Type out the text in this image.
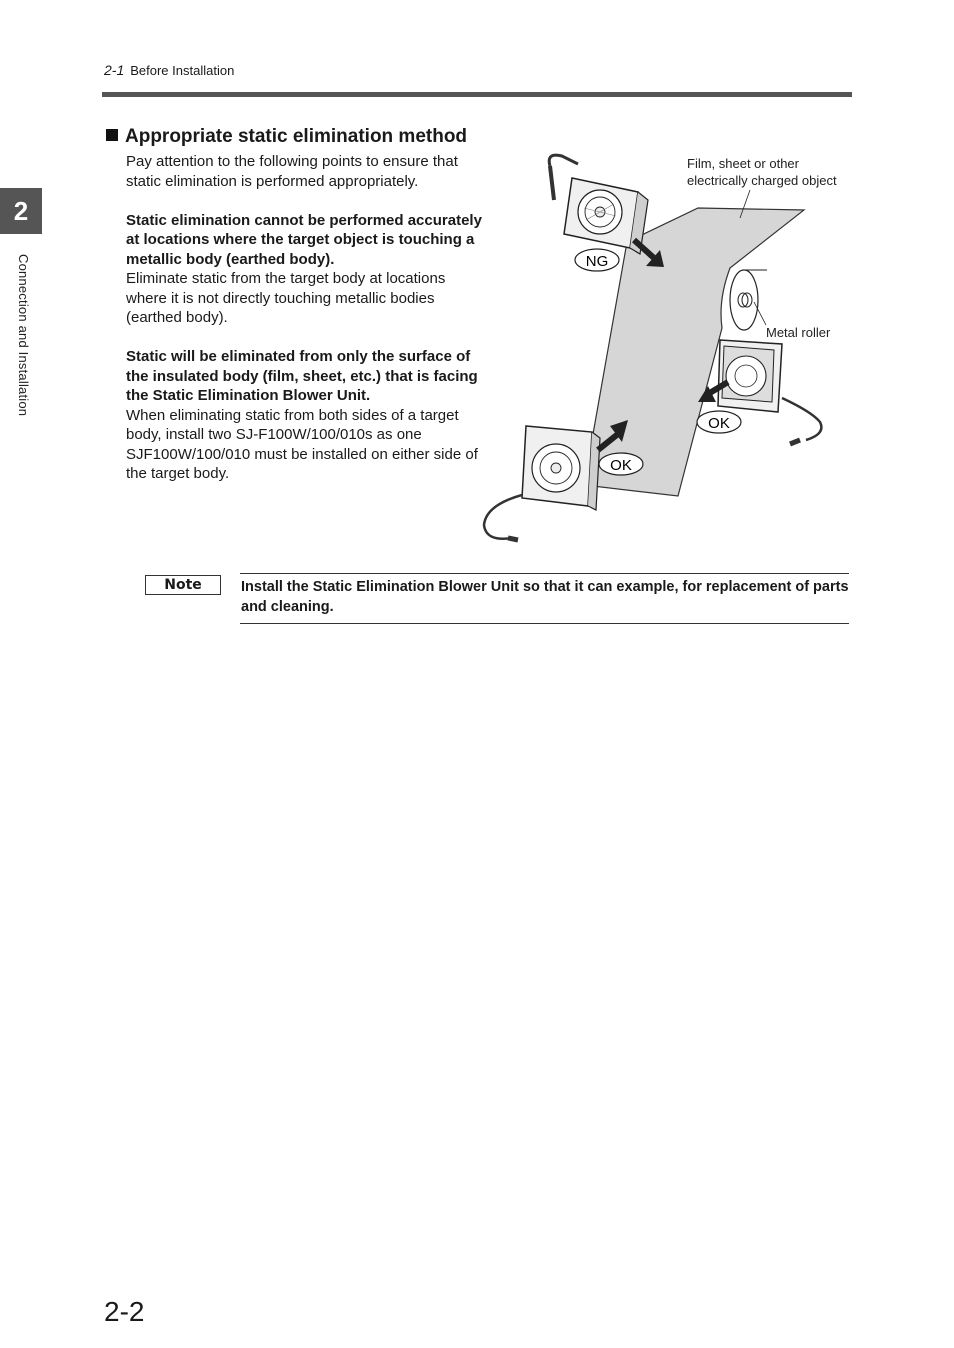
2-1 Before Installation
2
Connection and Installation
Appropriate static elimination method

Pay attention to the following points to ensure that static elimination is performed appropriately.

Static elimination cannot be performed accurately at locations where the target object is touching a metallic body (earthed body).
Eliminate static from the target body at locations where it is not directly touching metallic bodies (earthed body).

Static will be eliminated from only the surface of the insulated body (film, sheet, etc.) that is facing the Static Elimination Blower Unit.
When eliminating static from both sides of a target body, install two SJ-F100W/100/010s as one SJF100W/100/010 must be installed on either side of the target body.

NG
OK
OK
Film, sheet or other electrically charged object
Metal roller
Note	Install the Static Elimination Blower Unit so that it can example, for replacement of parts and cleaning.
2-2
